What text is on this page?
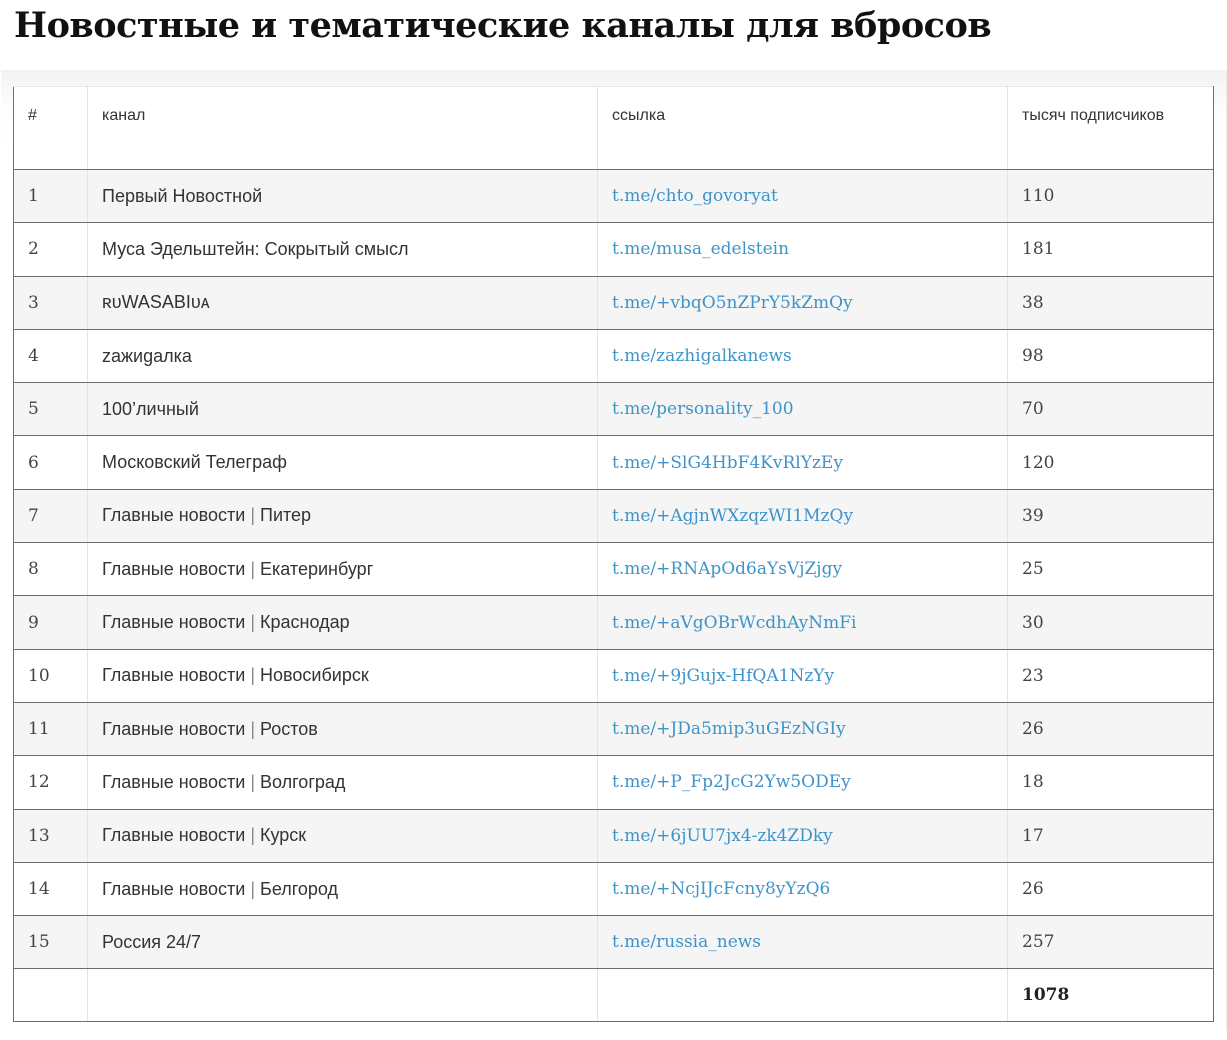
Новостные и тематические каналы для вбросов
#	канал	ссылка	тысяч подписчиков
1	Первый Новостной	t.me/chto_govoryat	110
2	Муса Эдельштейн: Сокрытый смысл	t.me/musa_edelstein	181
3	ʀᴜWASABIᴜᴀ	t.me/+vbqO5nZPrY5kZmQy	38
4	zажиgалка	t.me/zazhigalkanews	98
5	100’личный	t.me/personality_100	70
6	Московский Телеграф	t.me/+SlG4HbF4KvRlYzEy	120
7	Главные новости | Питер	t.me/+AgjnWXzqzWI1MzQy	39
8	Главные новости | Екатеринбург	t.me/+RNApOd6aYsVjZjgy	25
9	Главные новости | Краснодар	t.me/+aVgOBrWcdhAyNmFi	30
10	Главные новости | Новосибирск	t.me/+9jGujx-HfQA1NzYy	23
11	Главные новости | Ростов	t.me/+JDa5mip3uGEzNGIy	26
12	Главные новости | Волгоград	t.me/+P_Fp2JcG2Yw5ODEy	18
13	Главные новости | Курск	t.me/+6jUU7jx4-zk4ZDky	17
14	Главные новости | Белгород	t.me/+NcjIJcFcny8yYzQ6	26
15	Россия 24/7	t.me/russia_news	257
			1078
